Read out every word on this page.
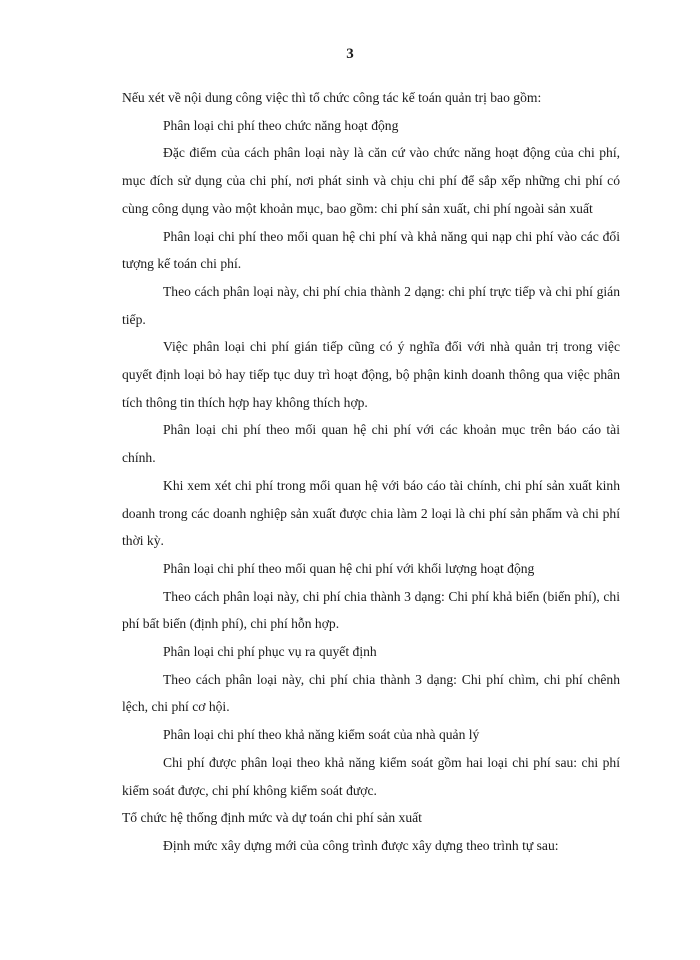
3

Nếu xét về nội dung công việc thì tổ chức công tác kế toán quản trị bao gồm:

Phân loại chi phí theo chức năng hoạt động

Đặc điểm của cách phân loại này là căn cứ vào chức năng hoạt động của chi phí, mục đích sử dụng của chi phí, nơi phát sinh và chịu chi phí để sắp xếp những chi phí có cùng công dụng vào một khoản mục, bao gồm: chi phí sản xuất, chi phí ngoài sản xuất

Phân loại chi phí theo mối quan hệ chi phí và khả năng qui nạp chi phí vào các đối tượng kế toán chi phí.

Theo cách phân loại này, chi phí chia thành 2 dạng: chi phí trực tiếp và chi phí gián tiếp.

Việc phân loại chi phí gián tiếp cũng có ý nghĩa đối với nhà quản trị trong việc quyết định loại bỏ hay tiếp tục duy trì hoạt động, bộ phận kinh doanh thông qua việc phân tích thông tin thích hợp hay không thích hợp.

Phân loại chi phí theo mối quan hệ chi phí với các khoản mục trên báo cáo tài chính.

Khi xem xét chi phí trong mối quan hệ với báo cáo tài chính, chi phí sản xuất kinh doanh trong các doanh nghiệp sản xuất được chia làm 2 loại là chi phí sản phẩm và chi phí thời kỳ.

Phân loại chi phí theo mối quan hệ chi phí với khối lượng hoạt động

Theo cách phân loại này, chi phí chia thành 3 dạng: Chi phí khả biến (biến phí), chi phí bất biến (định phí), chi phí hỗn hợp.

Phân loại chi phí phục vụ ra quyết định

Theo cách phân loại này, chi phí chia thành 3 dạng: Chi phí chìm, chi phí chênh lệch, chi phí cơ hội.

Phân loại chi phí theo khả năng kiểm soát của nhà quản lý

Chi phí được phân loại theo khả năng kiểm soát gồm hai loại chi phí sau: chi phí kiểm soát được, chi phí không kiểm soát được.

Tổ chức hệ thống định mức và dự toán chi phí sản xuất

Định mức xây dựng mới của công trình được xây dựng theo trình tự sau:
